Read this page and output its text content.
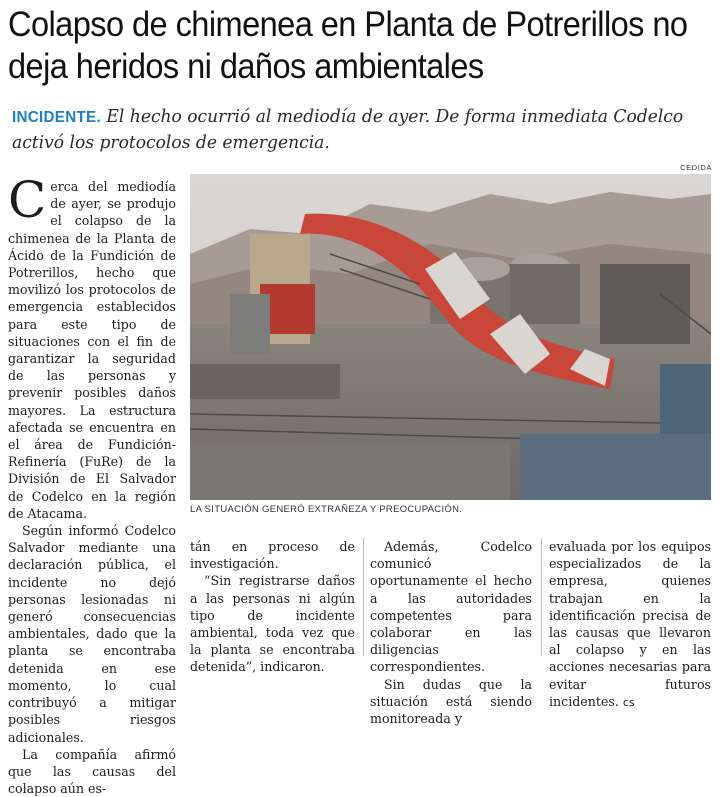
Colapso de chimenea en Planta de Potrerillos no deja heridos ni daños ambientales
INCIDENTE. El hecho ocurrió al mediodía de ayer. De forma inmediata Codelco activó los protocolos de emergencia.
CEDIDA

Cerca del mediodía de ayer, se produjo el colapso de la chimenea de la Planta de Ácido de la Fundición de Potrerillos, hecho que movilizó los protocolos de emergencia establecidos para este tipo de situaciones con el fin de garantizar la seguridad de las personas y prevenir posibles daños mayores. La estructura afectada se encuentra en el área de Fundición-Refinería (FuRe) de la División de El Salvador de Codelco en la región de Atacama.

Según informó Codelco Salvador mediante una declaración pública, el incidente no dejó personas lesionadas ni generó consecuencias ambientales, dado que la planta se encontraba detenida en ese momento, lo cual contribuyó a mitigar posibles riesgos adicionales.

La compañía afirmó que las causas del colapso aún es-

LA SITUACIÓN GENERÓ EXTRAÑEZA Y PREOCUPACIÓN.

tán en proceso de investigación.

“Sin registrarse daños a las personas ni algún tipo de incidente ambiental, toda vez que la planta se encontraba detenida”, indicaron.

Además, Codelco comunicó oportunamente el hecho a las autoridades competentes para colaborar en las diligencias correspondientes.

Sin dudas que la situación está siendo monitoreada y

evaluada por los equipos especializados de la empresa, quienes trabajan en la identificación precisa de las causas que llevaron al colapso y en las acciones necesarias para evitar futuros incidentes. cs
